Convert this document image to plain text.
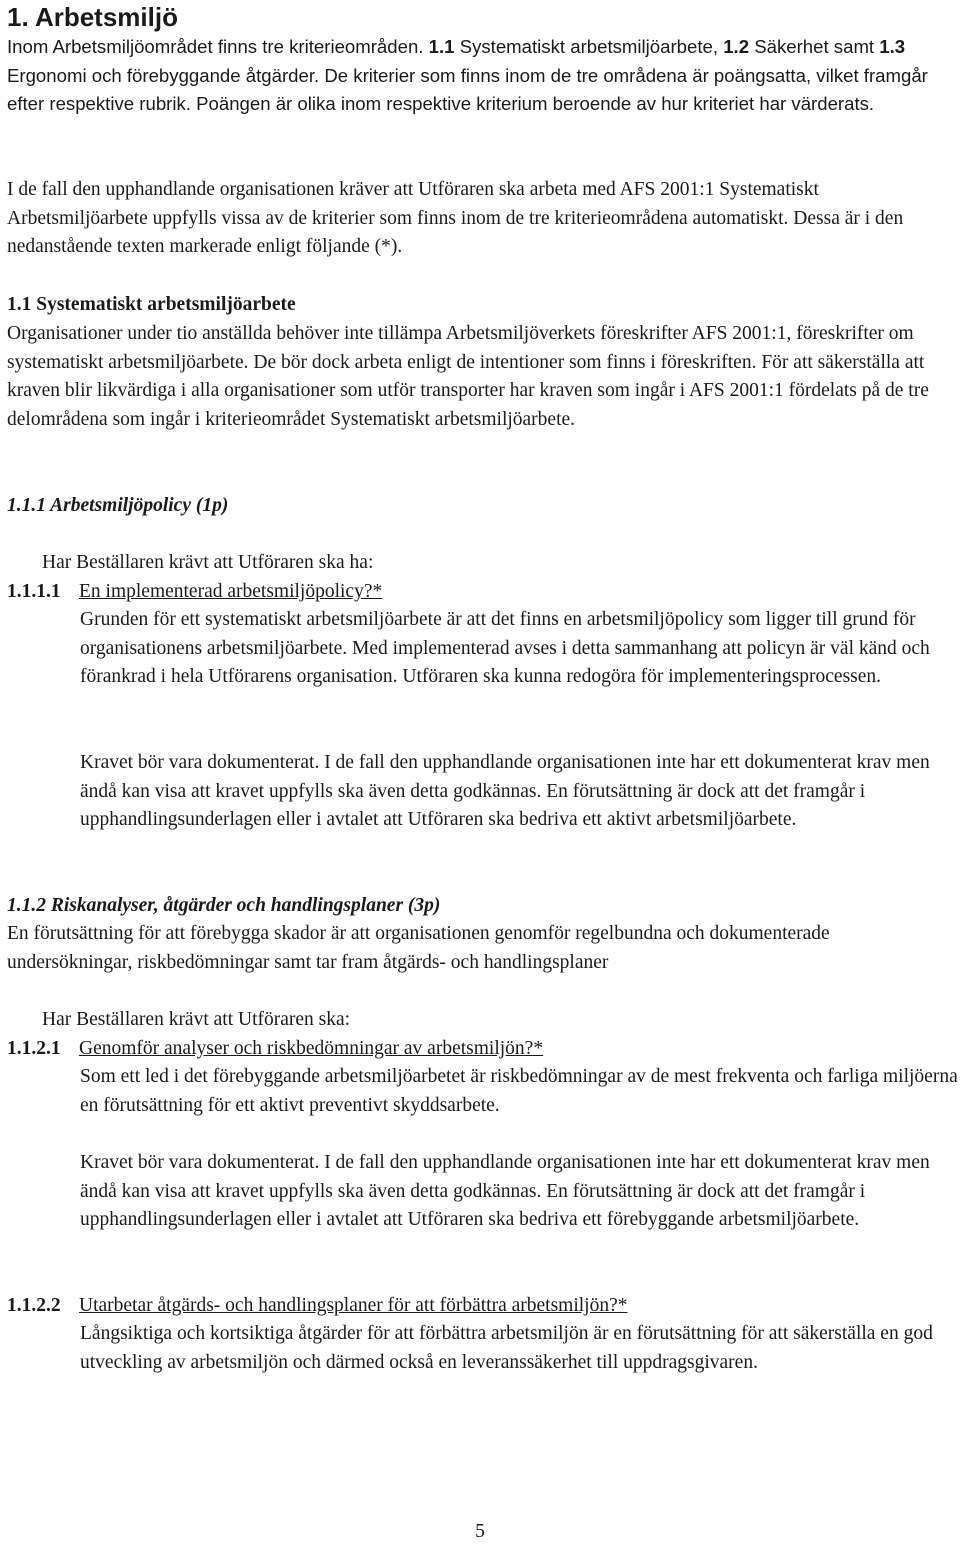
1. Arbetsmiljö

Inom Arbetsmiljöområdet finns tre kriterieområden. 1.1 Systematiskt arbetsmiljöarbete, 1.2 Säkerhet samt 1.3 Ergonomi och förebyggande åtgärder. De kriterier som finns inom de tre områdena är poängsatta, vilket framgår efter respektive rubrik. Poängen är olika inom respektive kriterium beroende av hur kriteriet har värderats.

I de fall den upphandlande organisationen kräver att Utföraren ska arbeta med AFS 2001:1 Systematiskt Arbetsmiljöarbete uppfylls vissa av de kriterier som finns inom de tre kriterieområdena automatiskt. Dessa är i den nedanstående texten markerade enligt följande (*).

1.1 Systematiskt arbetsmiljöarbete

Organisationer under tio anställda behöver inte tillämpa Arbetsmiljöverkets föreskrifter AFS 2001:1, föreskrifter om systematiskt arbetsmiljöarbete. De bör dock arbeta enligt de intentioner som finns i föreskriften. För att säkerställa att kraven blir likvärdiga i alla organisationer som utför transporter har kraven som ingår i AFS 2001:1 fördelats på de tre delområdena som ingår i kriterieområdet Systematiskt arbetsmiljöarbete.

1.1.1 Arbetsmiljöpolicy (1p)
Har Beställaren krävt att Utföraren ska ha:
1.1.1.1 En implementerad arbetsmiljöpolicy?*

Grunden för ett systematiskt arbetsmiljöarbete är att det finns en arbetsmiljöpolicy som ligger till grund för organisationens arbetsmiljöarbete. Med implementerad avses i detta sammanhang att policyn är väl känd och förankrad i hela Utförarens organisation. Utföraren ska kunna redogöra för implementeringsprocessen.

Kravet bör vara dokumenterat. I de fall den upphandlande organisationen inte har ett dokumenterat krav men ändå kan visa att kravet uppfylls ska även detta godkännas. En förutsättning är dock att det framgår i upphandlingsunderlagen eller i avtalet att Utföraren ska bedriva ett aktivt arbetsmiljöarbete.

1.1.2 Riskanalyser, åtgärder och handlingsplaner (3p)

En förutsättning för att förebygga skador är att organisationen genomför regelbundna och dokumenterade undersökningar, riskbedömningar samt tar fram åtgärds- och handlingsplaner

Har Beställaren krävt att Utföraren ska:
1.1.2.1 Genomför analyser och riskbedömningar av arbetsmiljön?*

Som ett led i det förebyggande arbetsmiljöarbetet är riskbedömningar av de mest frekventa och farliga miljöerna en förutsättning för ett aktivt preventivt skyddsarbete.

Kravet bör vara dokumenterat. I de fall den upphandlande organisationen inte har ett dokumenterat krav men ändå kan visa att kravet uppfylls ska även detta godkännas. En förutsättning är dock att det framgår i upphandlingsunderlagen eller i avtalet att Utföraren ska bedriva ett förebyggande arbetsmiljöarbete.

1.1.2.2 Utarbetar åtgärds- och handlingsplaner för att förbättra arbetsmiljön?*

Långsiktiga och kortsiktiga åtgärder för att förbättra arbetsmiljön är en förutsättning för att säkerställa en god utveckling av arbetsmiljön och därmed också en leveranssäkerhet till uppdragsgivaren.

5
